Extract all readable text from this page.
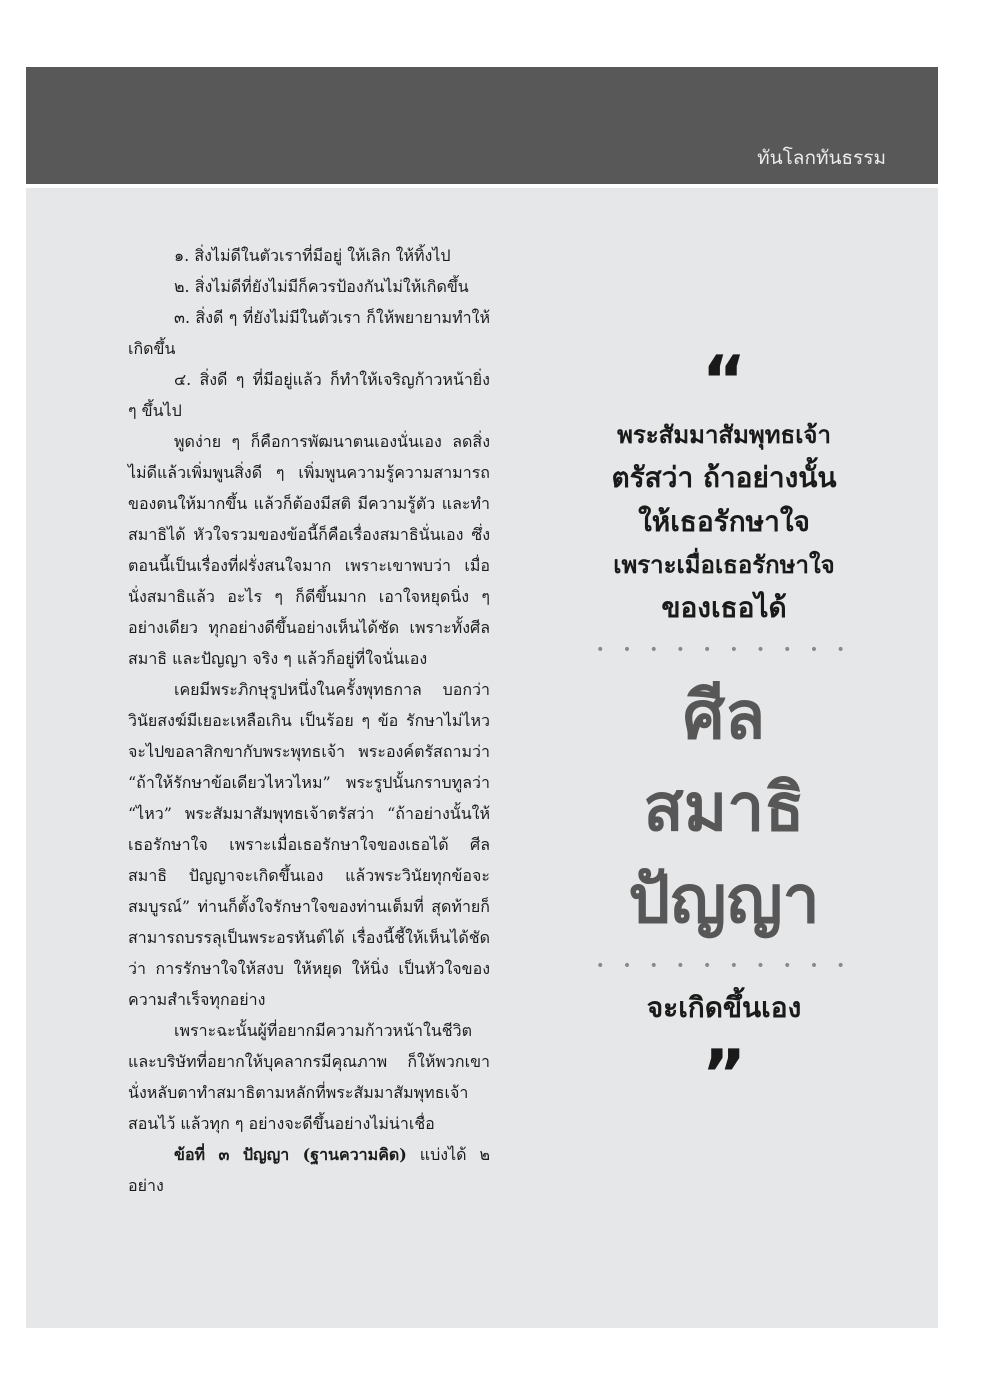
ทันโลกทันธรรม

๑. สิ่งไม่ดีในตัวเราที่มีอยู่ ให้เลิก ให้ทิ้งไป

๒. สิ่งไม่ดีที่ยังไม่มีก็ควรป้องกันไม่ให้เกิดขึ้น

๓. สิ่งดี ๆ ที่ยังไม่มีในตัวเรา ก็ให้พยายามทำให้เกิดขึ้น

๔. สิ่งดี ๆ ที่มีอยู่แล้ว ก็ทำให้เจริญก้าวหน้ายิ่ง ๆ ขึ้นไป

พูดง่าย ๆ ก็คือการพัฒนาตนเองนั่นเอง ลดสิ่งไม่ดีแล้วเพิ่มพูนสิ่งดี ๆ เพิ่มพูนความรู้ความสามารถของตนให้มากขึ้น แล้วก็ต้องมีสติ มีความรู้ตัว และทำสมาธิได้ หัวใจรวมของข้อนี้ก็คือเรื่องสมาธินั่นเอง ซึ่งตอนนี้เป็นเรื่องที่ฝรั่งสนใจมาก เพราะเขาพบว่า เมื่อนั่งสมาธิแล้ว อะไร ๆ ก็ดีขึ้นมาก เอาใจหยุดนิ่ง ๆ อย่างเดียว ทุกอย่างดีขึ้นอย่างเห็นได้ชัด เพราะทั้งศีล สมาธิ และปัญญา จริง ๆ แล้วก็อยู่ที่ใจนั่นเอง

เคยมีพระภิกษุรูปหนึ่งในครั้งพุทธกาล บอกว่าวินัยสงฆ์มีเยอะเหลือเกิน เป็นร้อย ๆ ข้อ รักษาไม่ไหว จะไปขอลาสิกขากับพระพุทธเจ้า พระองค์ตรัสถามว่า “ถ้าให้รักษาข้อเดียวไหวไหม” พระรูปนั้นกราบทูลว่า “ไหว” พระสัมมาสัมพุทธเจ้าตรัสว่า “ถ้าอย่างนั้นให้เธอรักษาใจ เพราะเมื่อเธอรักษาใจของเธอได้ ศีล สมาธิ ปัญญาจะเกิดขึ้นเอง แล้วพระวินัยทุกข้อจะสมบูรณ์” ท่านก็ตั้งใจรักษาใจของท่านเต็มที่ สุดท้ายก็สามารถบรรลุเป็นพระอรหันต์ได้ เรื่องนี้ชี้ให้เห็นได้ชัดว่า การรักษาใจให้สงบ ให้หยุด ให้นิ่ง เป็นหัวใจของความสำเร็จทุกอย่าง

เพราะฉะนั้นผู้ที่อยากมีความก้าวหน้าในชีวิตและบริษัทที่อยากให้บุคลากรมีคุณภาพ ก็ให้พวกเขานั่งหลับตาทำสมาธิตามหลักที่พระสัมมาสัมพุทธเจ้าสอนไว้ แล้วทุก ๆ อย่างจะดีขึ้นอย่างไม่น่าเชื่อ

ข้อที่ ๓ ปัญญา (ฐานความคิด) แบ่งได้ ๒ อย่าง

“
พระสัมมาสัมพุทธเจ้า
ตรัสว่า ถ้าอย่างนั้น
ให้เธอรักษาใจ
เพราะเมื่อเธอรักษาใจ
ของเธอได้
• • • • • • • • • •
ศีล
สมาธิ
ปัญญา
• • • • • • • • • •
จะเกิดขึ้นเอง
”
